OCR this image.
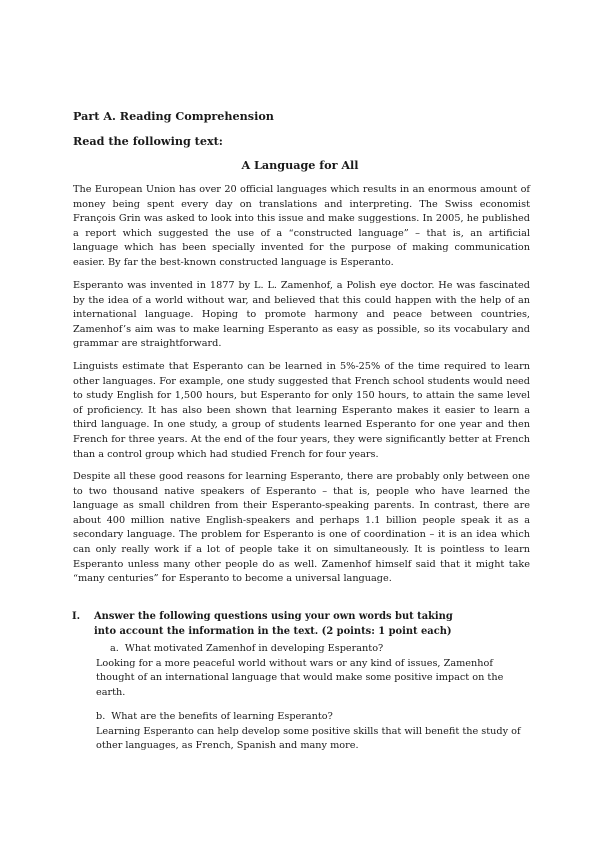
Part A. Reading Comprehension

Read the following text:

A Language for All

The European Union has over 20 official languages which results in an enormous amount of money being spent every day on translations and interpreting. The Swiss economist François Grin was asked to look into this issue and make suggestions. In 2005, he published a report which suggested the use of a “constructed language” – that is, an artificial language which has been specially invented for the purpose of making communication easier. By far the best-known constructed language is Esperanto.

Esperanto was invented in 1877 by L. L. Zamenhof, a Polish eye doctor. He was fascinated by the idea of a world without war, and believed that this could happen with the help of an international language. Hoping to promote harmony and peace between countries, Zamenhof’s aim was to make learning Esperanto as easy as possible, so its vocabulary and grammar are straightforward.

Linguists estimate that Esperanto can be learned in 5%-25% of the time required to learn other languages. For example, one study suggested that French school students would need to study English for 1,500 hours, but Esperanto for only 150 hours, to attain the same level of proficiency. It has also been shown that learning Esperanto makes it easier to learn a third language. In one study, a group of students learned Esperanto for one year and then French for three years. At the end of the four years, they were significantly better at French than a control group which had studied French for four years.

Despite all these good reasons for learning Esperanto, there are probably only between one to two thousand native speakers of Esperanto – that is, people who have learned the language as small children from their Esperanto-speaking parents. In contrast, there are about 400 million native English-speakers and perhaps 1.1 billion people speak it as a secondary language. The problem for Esperanto is one of coordination – it is an idea which can only really work if a lot of people take it on simultaneously. It is pointless to learn Esperanto unless many other people do as well. Zamenhof himself said that it might take “many centuries” for Esperanto to become a universal language.

I. Answer the following questions using your own words but taking into account the information in the text. (2 points: 1 point each)

a. What motivated Zamenhof in developing Esperanto?
Looking for a more peaceful world without wars or any kind of issues, Zamenhof thought of an international language that would make some positive impact on the earth.
b. What are the benefits of learning Esperanto?
Learning Esperanto can help develop some positive skills that will benefit the study of other languages, as French, Spanish and many more.
